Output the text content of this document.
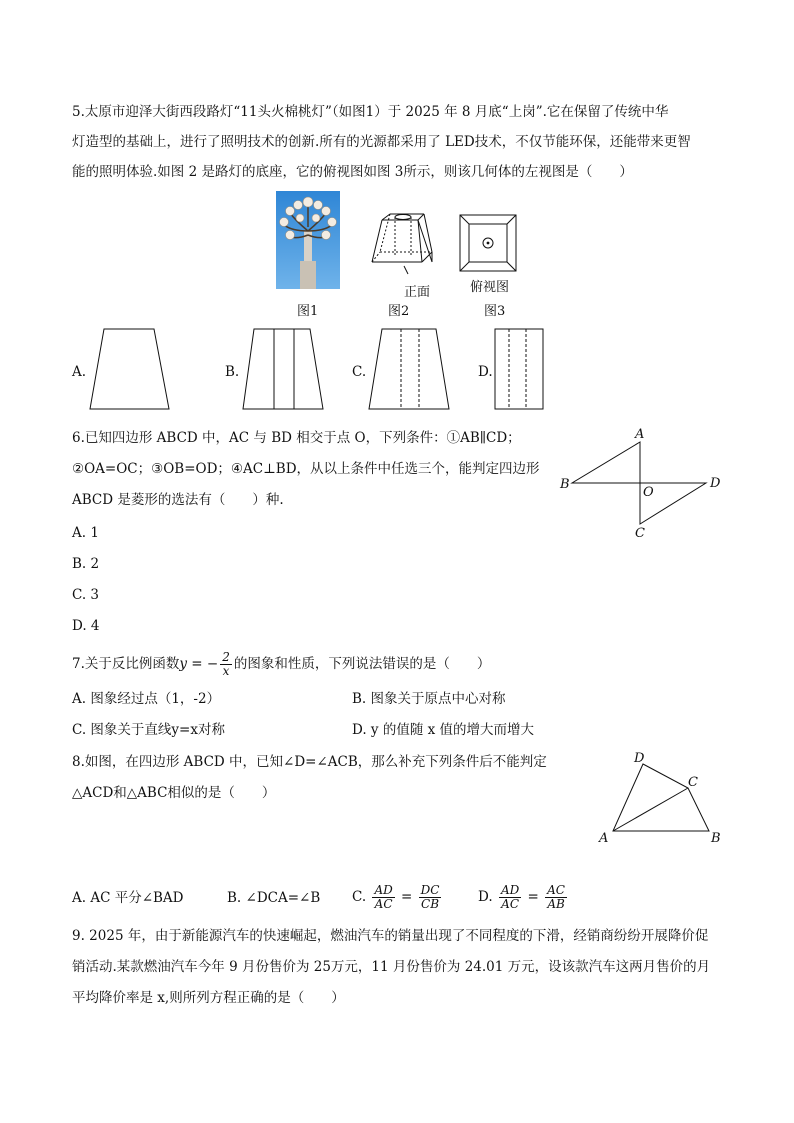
5.太原市迎泽大街西段路灯“11头火棉桃灯”（如图1）于 2025 年 8 月底“上岗”.它在保留了传统中华
灯造型的基础上，进行了照明技术的创新.所有的光源都采用了 LED技术，不仅节能环保，还能带来更智
能的照明体验.如图 2 是路灯的底座，它的俯视图如图 3所示，则该几何体的左视图是（　　）
正面	俯视图
图1	图2	图3
A.	B.	C.	D.
6.已知四边形 ABCD 中，AC 与 BD 相交于点 O，下列条件：①AB∥CD；
②OA=OC；③OB=OD；④AC⊥BD，从以上条件中任选三个，能判定四边形
ABCD 是菱形的选法有（　　）种.
A. 1
B. 2
C. 3
D. 4
A
B	D
C
O
7.关于反比例函数y = − $\frac{2}{x}$ 的图象和性质，下列说法错误的是（　　）
A. 图象经过点（1，-2）	B. 图象关于原点中心对称
C. 图象关于直线y=x对称	D. y 的值随 x 值的增大而增大
8.如图，在四边形 ABCD 中，已知∠D=∠ACB，那么补充下列条件后不能判定
△ACD和△ABC相似的是（　　）
D
C
A	B
A. AC 平分∠BAD	B. ∠DCA=∠B C. $\frac{AD}{AC} = \frac{DC}{CB}$	D. $\frac{AD}{AC} = \frac{AC}{AB}$
9. 2025 年，由于新能源汽车的快速崛起，燃油汽车的销量出现了不同程度的下滑，经销商纷纷开展降价促
销活动.某款燃油汽车今年 9 月份售价为 25万元，11 月份售价为 24.01 万元，设该款汽车这两月售价的月
平均降价率是 x,则所列方程正确的是（　　）
